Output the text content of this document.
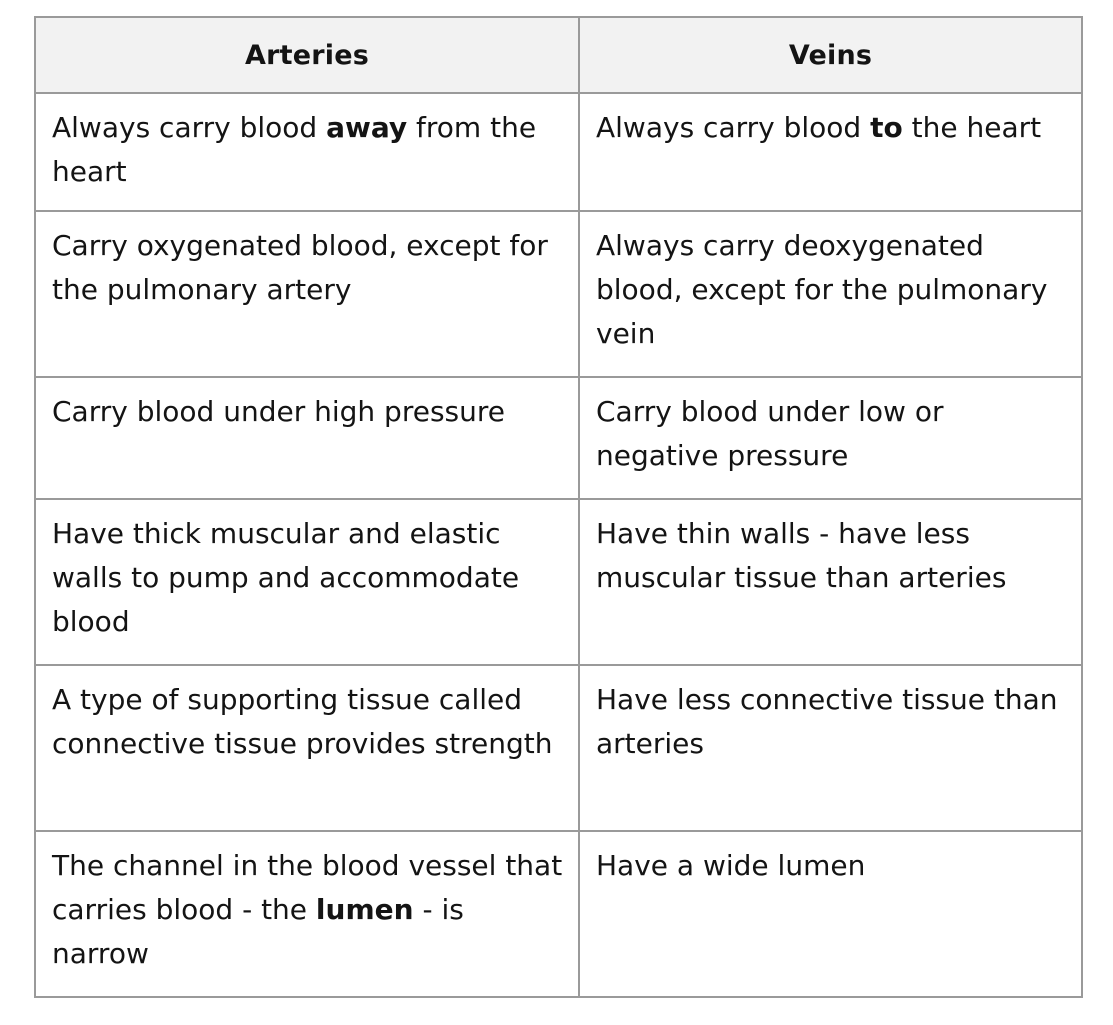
Arteries	Veins
Always carry blood away from the heart	Always carry blood to the heart
Carry oxygenated blood, except for the pulmonary artery	Always carry deoxygenated blood, except for the pulmonary vein
Carry blood under high pressure	Carry blood under low or negative pressure
Have thick muscular and elastic walls to pump and accommodate blood	Have thin walls - have less muscular tissue than arteries
A type of supporting tissue called connective tissue provides strength	Have less connective tissue than arteries
The channel in the blood vessel that carries blood - the lumen - is narrow	Have a wide lumen
